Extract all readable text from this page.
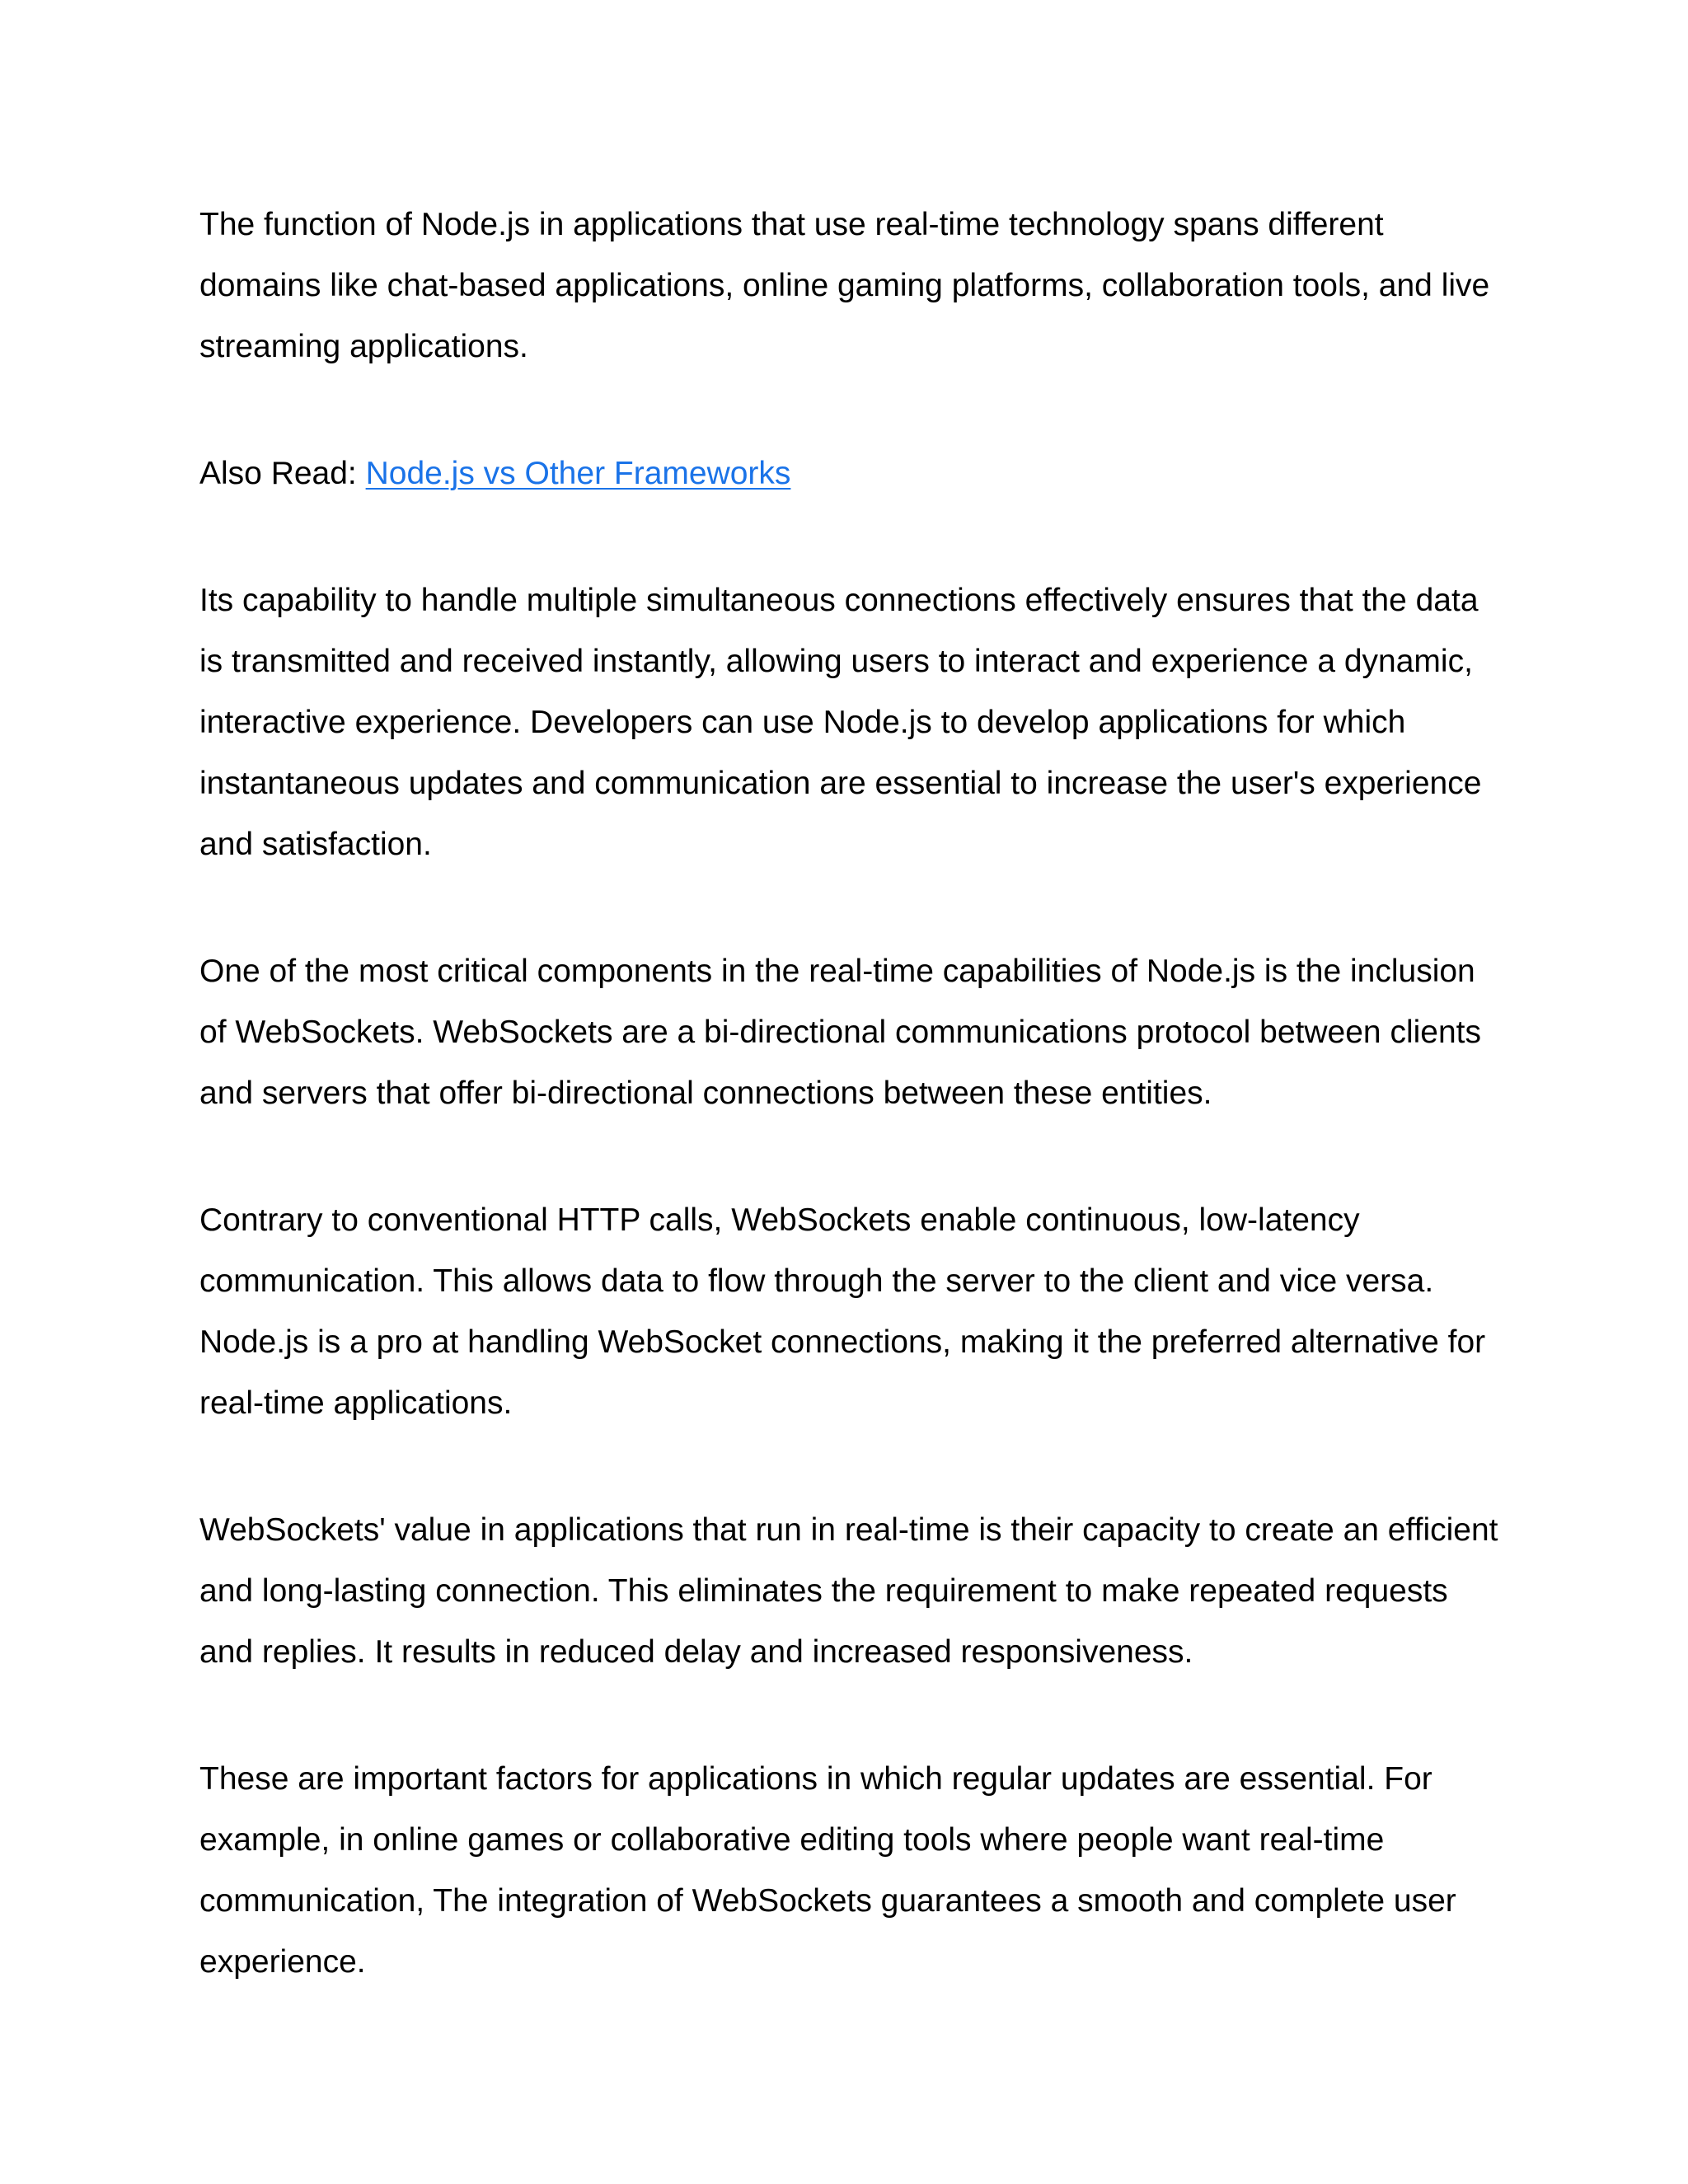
The function of Node.js in applications that use real-time technology spans different domains like chat-based applications, online gaming platforms, collaboration tools, and live streaming applications.

Also Read: Node.js vs Other Frameworks

Its capability to handle multiple simultaneous connections effectively ensures that the data is transmitted and received instantly, allowing users to interact and experience a dynamic, interactive experience. Developers can use Node.js to develop applications for which instantaneous updates and communication are essential to increase the user's experience and satisfaction.

One of the most critical components in the real-time capabilities of Node.js is the inclusion of WebSockets. WebSockets are a bi-directional communications protocol between clients and servers that offer bi-directional connections between these entities.

Contrary to conventional HTTP calls, WebSockets enable continuous, low-latency communication. This allows data to flow through the server to the client and vice versa. Node.js is a pro at handling WebSocket connections, making it the preferred alternative for real-time applications.

WebSockets' value in applications that run in real-time is their capacity to create an efficient and long-lasting connection. This eliminates the requirement to make repeated requests and replies. It results in reduced delay and increased responsiveness.

These are important factors for applications in which regular updates are essential. For example, in online games or collaborative editing tools where people want real-time communication, The integration of WebSockets guarantees a smooth and complete user experience.
